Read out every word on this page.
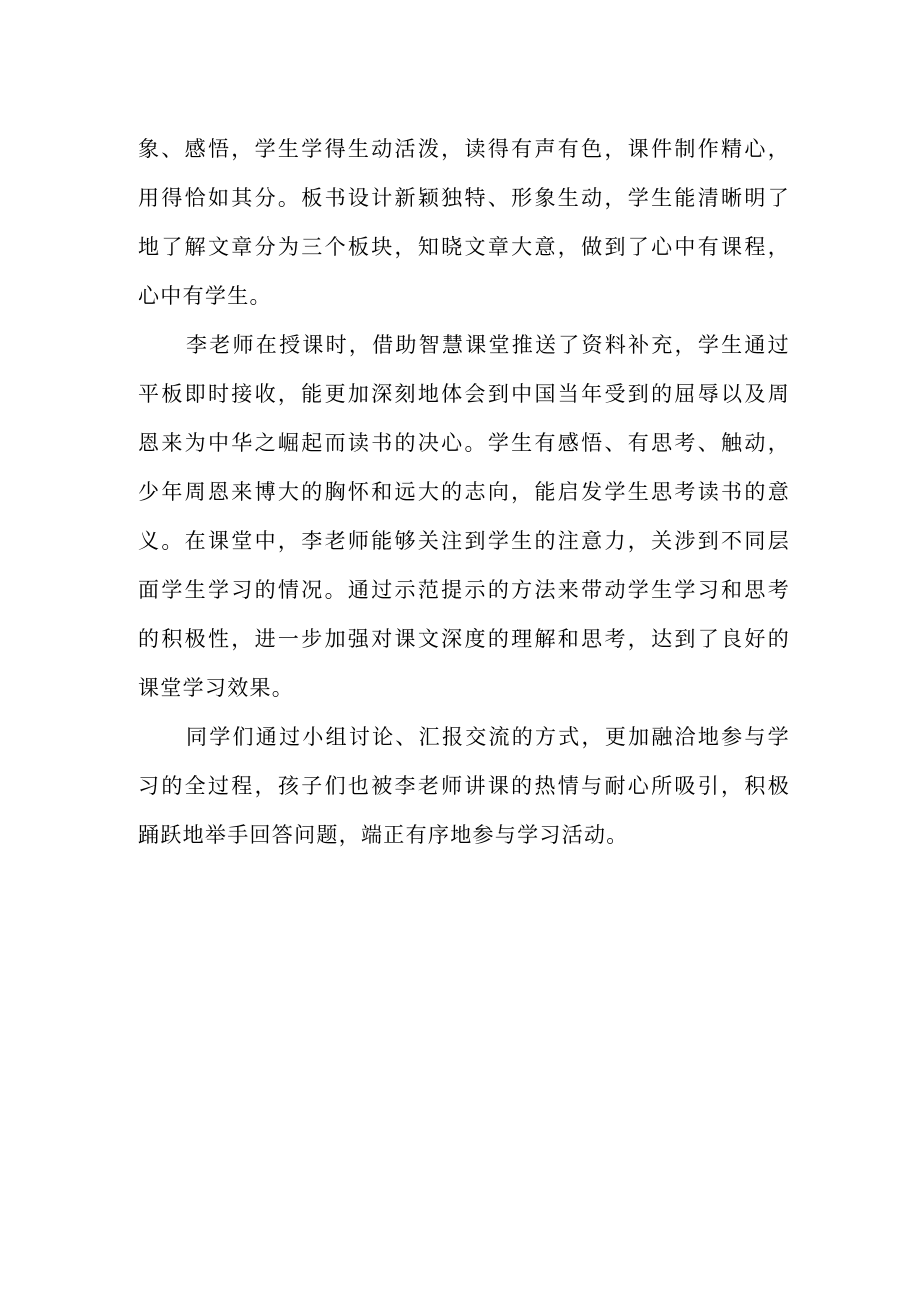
象、感悟，学生学得生动活泼，读得有声有色，课件制作精心，
用得恰如其分。板书设计新颖独特、形象生动，学生能清晰明了
地了解文章分为三个板块，知晓文章大意，做到了心中有课程，
心中有学生。
李老师在授课时，借助智慧课堂推送了资料补充，学生通过
平板即时接收，能更加深刻地体会到中国当年受到的屈辱以及周
恩来为中华之崛起而读书的决心。学生有感悟、有思考、触动，
少年周恩来博大的胸怀和远大的志向，能启发学生思考读书的意
义。在课堂中，李老师能够关注到学生的注意力，关涉到不同层
面学生学习的情况。通过示范提示的方法来带动学生学习和思考
的积极性，进一步加强对课文深度的理解和思考，达到了良好的
课堂学习效果。
同学们通过小组讨论、汇报交流的方式，更加融洽地参与学
习的全过程，孩子们也被李老师讲课的热情与耐心所吸引，积极
踊跃地举手回答问题，端正有序地参与学习活动。
